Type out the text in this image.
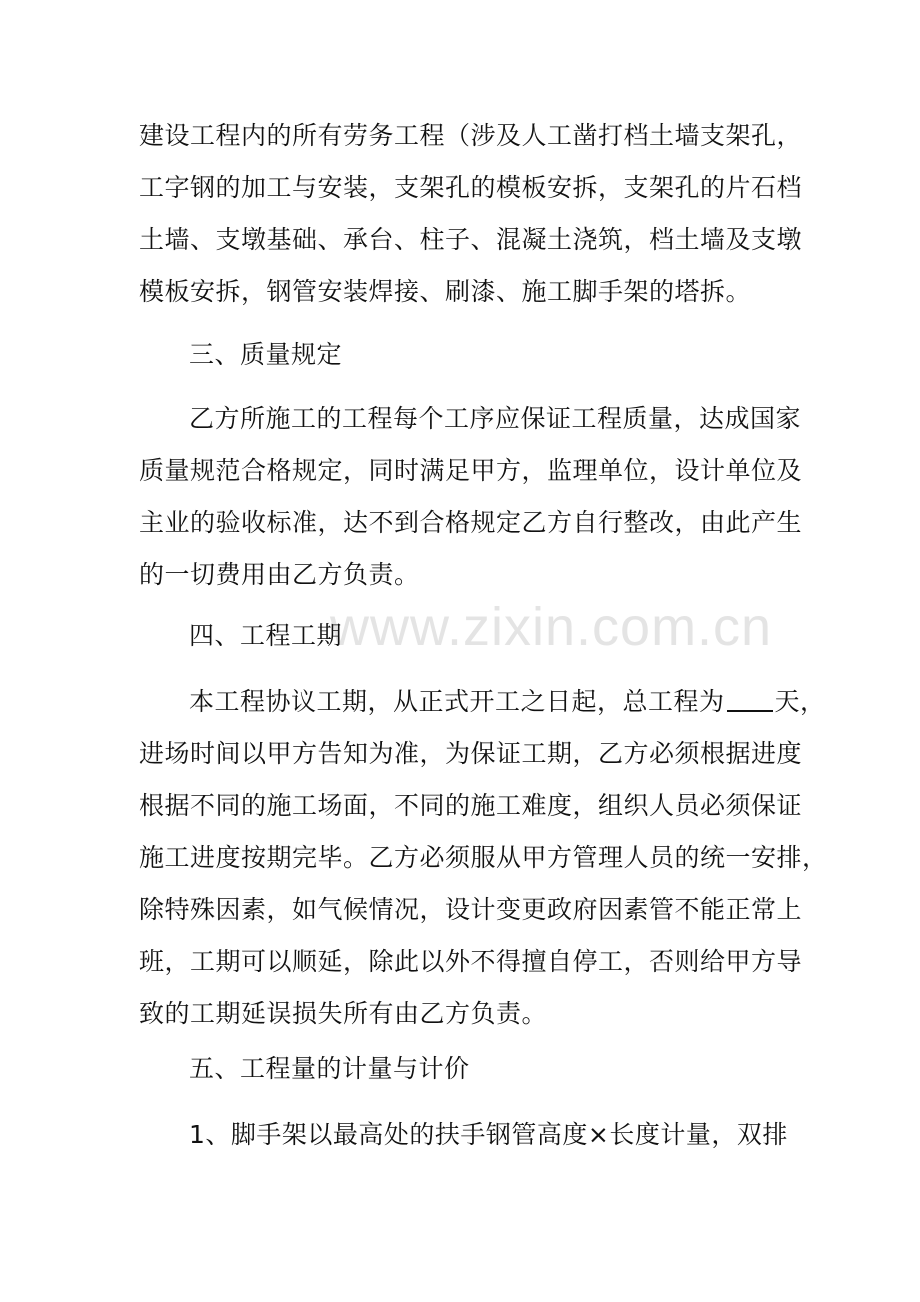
www.zixin.com.cn
建设工程内的所有劳务工程（涉及人工凿打档土墙支架孔，
工字钢的加工与安装，支架孔的模板安拆，支架孔的片石档
土墙、支墩基础、承台、柱子、混凝土浇筑，档土墙及支墩
模板安拆，钢管安装焊接、刷漆、施工脚手架的塔拆。
三、质量规定
乙方所施工的工程每个工序应保证工程质量，达成国家
质量规范合格规定，同时满足甲方，监理单位，设计单位及
主业的验收标准，达不到合格规定乙方自行整改，由此产生
的一切费用由乙方负责。
四、工程工期
本工程协议工期，从正式开工之日起，总工程为 天，
进场时间以甲方告知为准，为保证工期，乙方必须根据进度
根据不同的施工场面，不同的施工难度，组织人员必须保证
施工进度按期完毕。乙方必须服从甲方管理人员的统一安排，
除特殊因素，如气候情况，设计变更政府因素管不能正常上
班，工期可以顺延，除此以外不得擅自停工，否则给甲方导
致的工期延误损失所有由乙方负责。
五、工程量的计量与计价
1、脚手架以最高处的扶手钢管高度×长度计量，双排
